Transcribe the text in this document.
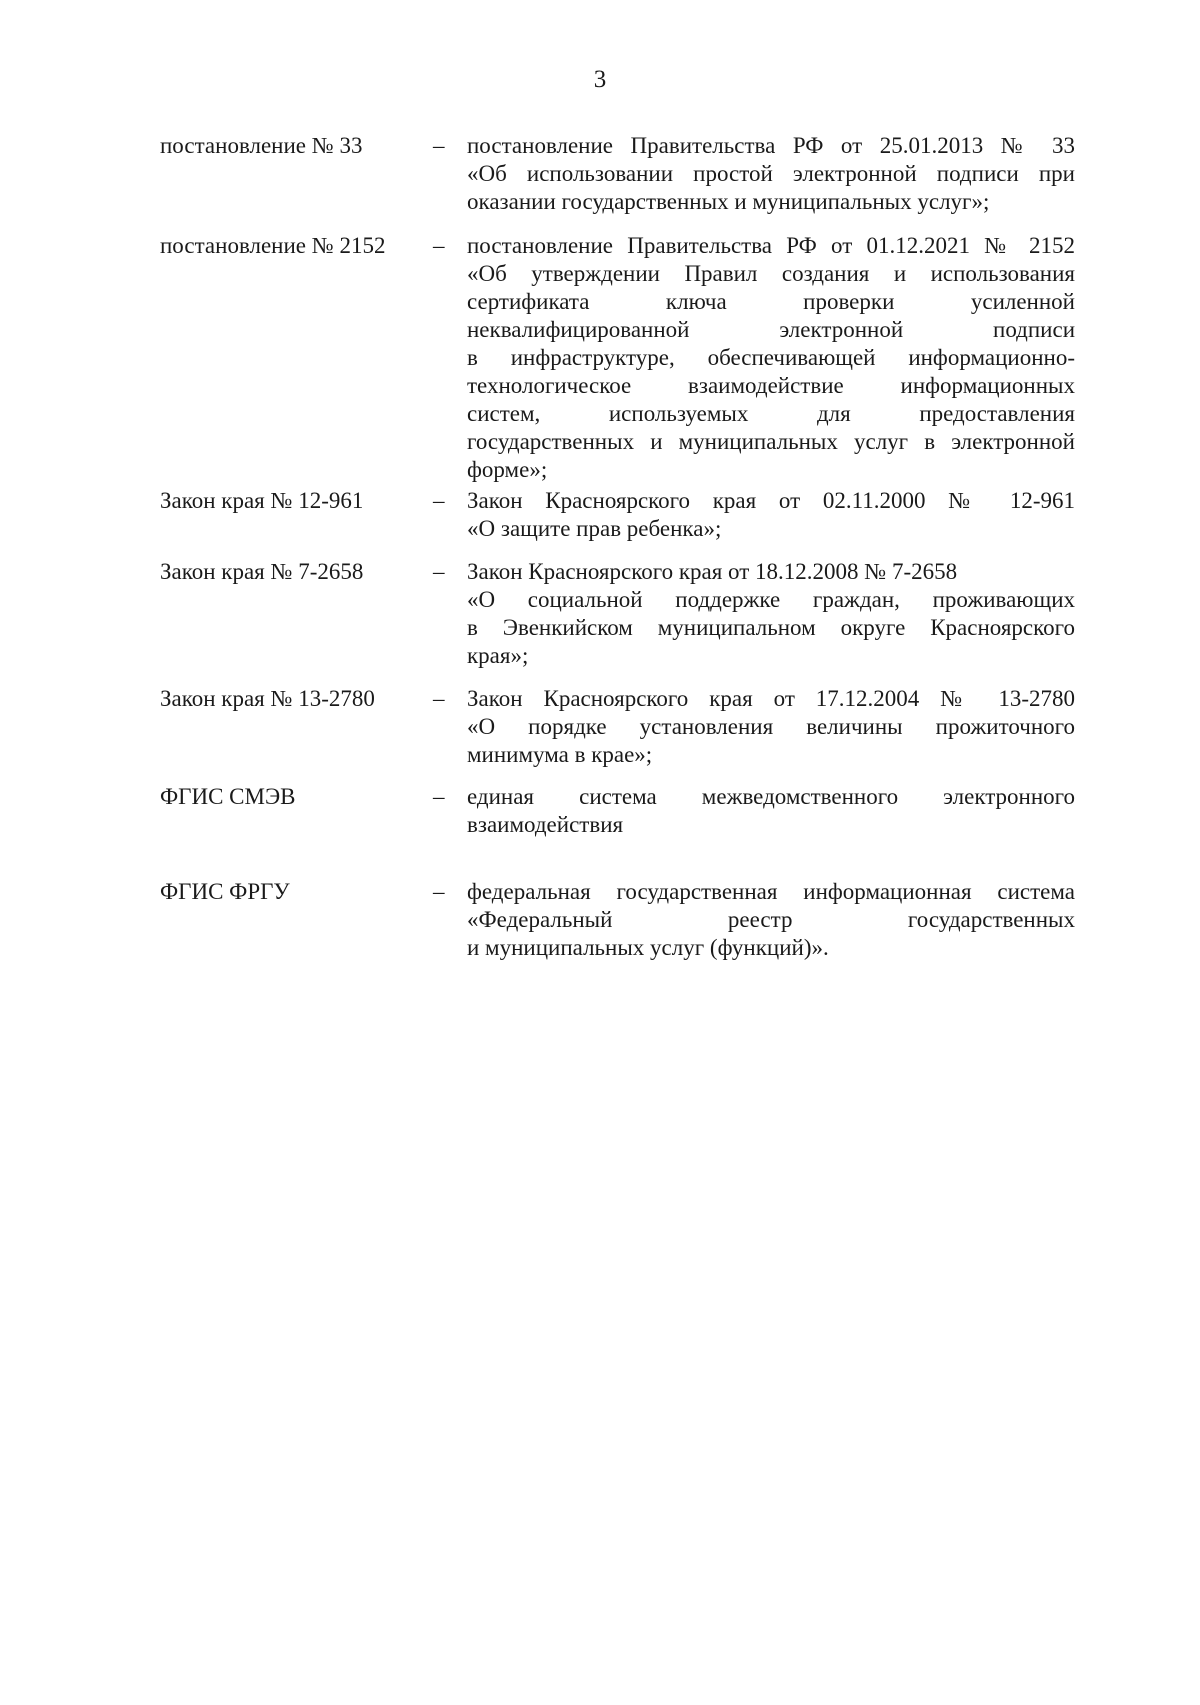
3
постановление № 33	– постановление Правительства РФ от 25.01.2013 № 33
«Об использовании простой электронной подписи при
оказании государственных и муниципальных услуг»;
постановление № 2152 – постановление Правительства РФ от 01.12.2021 № 2152
«Об утверждении Правил создания и использования
сертификата ключа проверки усиленной
неквалифицированной электронной подписи
в инфраструктуре, обеспечивающей информационно-
технологическое взаимодействие информационных
систем, используемых для предоставления
государственных и муниципальных услуг в электронной
форме»;
Закон края № 12-961	– Закон Красноярского края от 02.11.2000 № 12-961
«О защите прав ребенка»;
Закон края № 7-2658	– Закон Красноярского края от 18.12.2008 № 7-2658
«О социальной поддержке граждан, проживающих
в Эвенкийском муниципальном округе Красноярского
края»;
Закон края № 13-2780	– Закон Красноярского края от 17.12.2004 № 13-2780
«О порядке установления величины прожиточного
минимума в крае»;
ФГИС СМЭВ	– единая система межведомственного электронного
взаимодействия
ФГИС ФРГУ	– федеральная государственная информационная система
«Федеральный реестр государственных
и муниципальных услуг (функций)».
